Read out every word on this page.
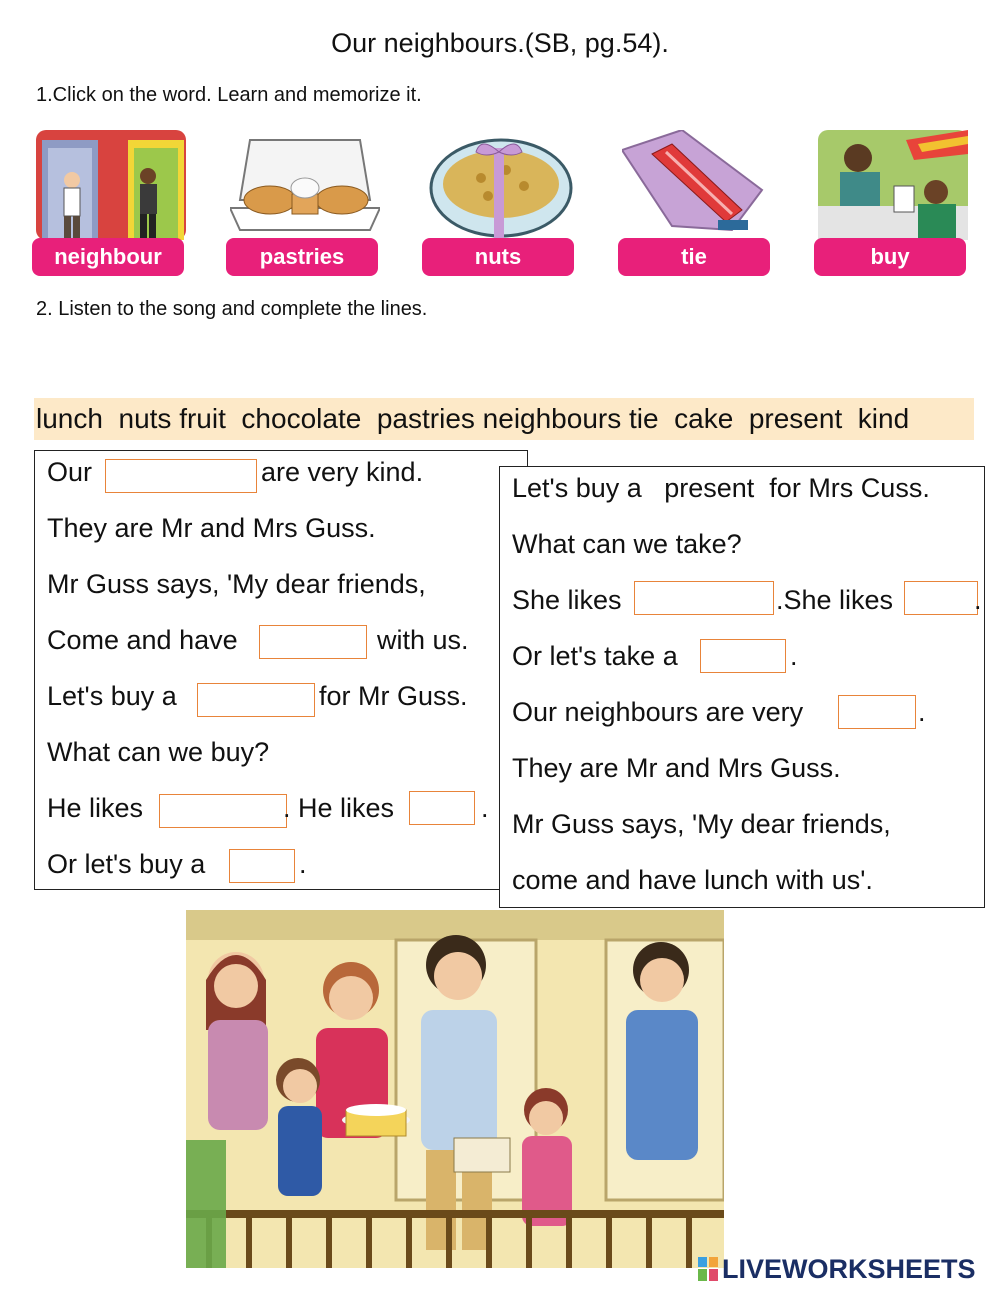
Our neighbours.(SB, pg.54).
1.Click on the word. Learn and memorize it.
neighbour	pastries	nuts	tie	buy
2. Listen to the song and complete the lines.
lunch  nuts fruit  chocolate  pastries neighbours tie  cake  present  kind
Our	are very kind.
They are Mr and Mrs Guss.
Mr Guss says, 'My dear friends,
Come and have	with us.
Let's buy a	for Mr Guss.
What can we buy?
He likes	. He likes	.
Or let's buy a	.
Let's buy a   present  for Mrs Cuss.
What can we take?
She likes	.She likes	.
Or let's take a	.
Our neighbours are very	.
They are Mr and Mrs Guss.
Mr Guss says, 'My dear friends,
come and have lunch with us'.
LIVEWORKSHEETS
